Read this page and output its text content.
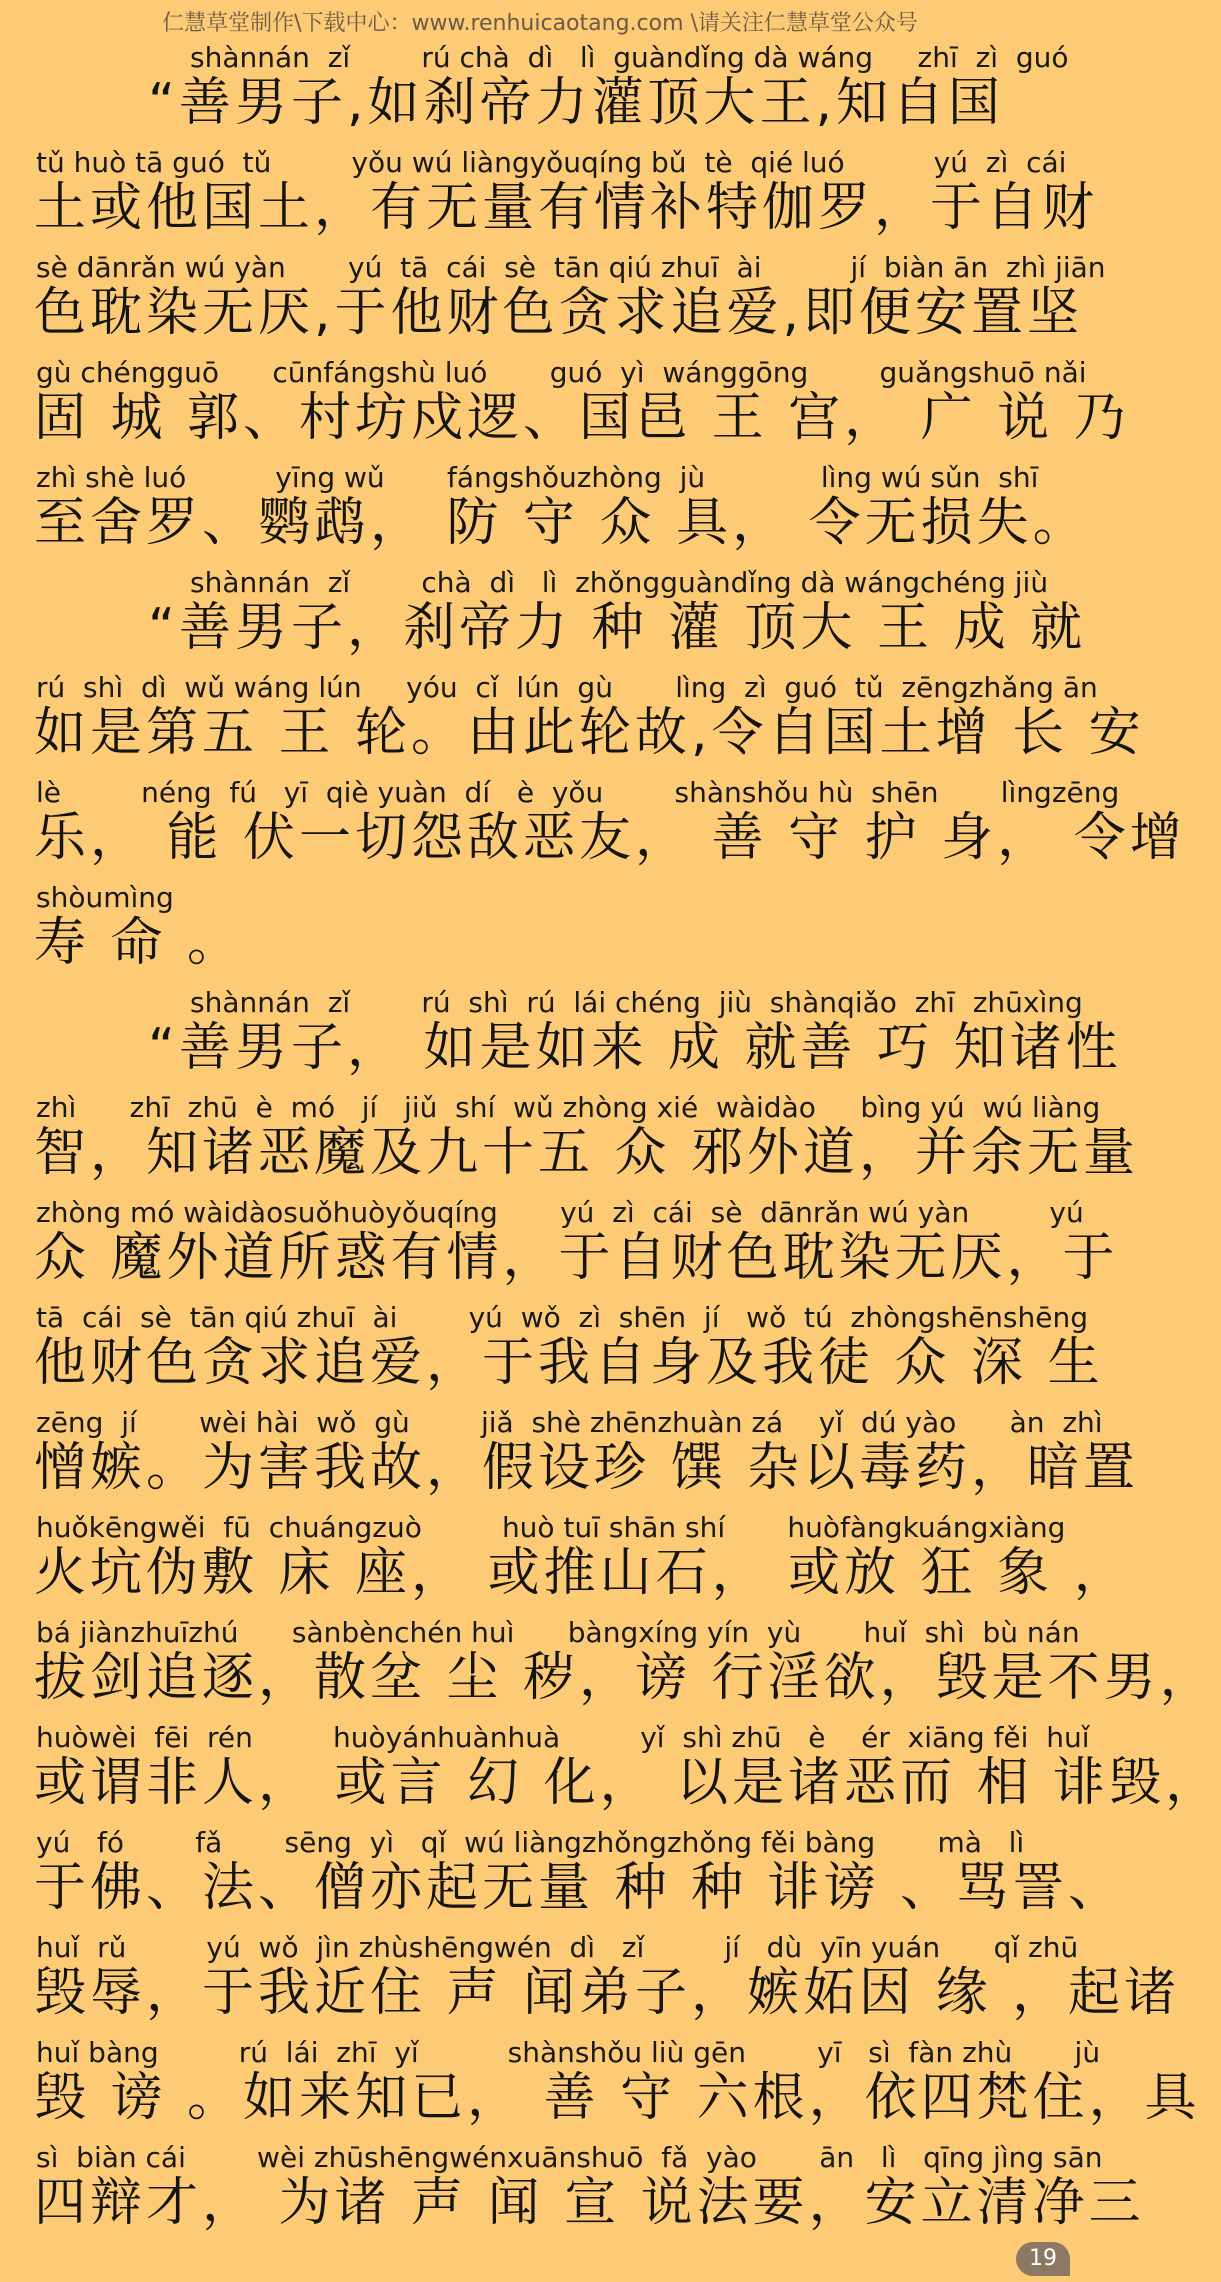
仁慧草堂制作\下载中心：www.renhuicaotang.com \请关注仁慧草堂公众号
shànnán  zǐ        rú chà  dì   lì  guàndǐng dà wáng     zhī  zì  guó
“善男子,如刹帝力灌顶大王,知自国
tǔ huò tā guó  tǔ         yǒu wú liàngyǒuqíng bǔ  tè  qié luó          yú  zì  cái
土或他国土，有无量有情补特伽罗，于自财
sè dānrǎn wú yàn       yú  tā  cái  sè  tān qiú zhuī  ài          jí  biàn ān  zhì jiān
色耽染无厌,于他财色贪求追爱,即便安置坚
gù chéngguō      cūnfángshù luó       guó  yì  wánggōng        guǎngshuō nǎi
固 城 郭、村坊戍逻、国邑 王 宫， 广 说 乃
zhì shè luó          yīng wǔ       fángshǒuzhòng  jù             lìng wú sǔn  shī
至舍罗、鹦鹉， 防 守 众 具， 令无损失。
shànnán  zǐ        chà  dì   lì  zhǒngguàndǐng dà wángchéng jiù
“善男子，刹帝力 种 灌 顶大 王 成 就
rú  shì  dì  wǔ wáng lún     yóu  cǐ  lún  gù       lìng  zì  guó  tǔ  zēngzhǎng ān
如是第五 王 轮。由此轮故,令自国土增 长 安
lè         néng  fú   yī  qiè yuàn  dí   è  yǒu        shànshǒu hù  shēn       lìngzēng
乐， 能 伏一切怨敌恶友， 善 守 护 身， 令增
shòumìng
寿 命 。
shànnán  zǐ        rú  shì  rú  lái chéng  jiù  shànqiǎo  zhī  zhūxìng
“善男子， 如是如来 成 就善 巧 知诸性
zhì      zhī  zhū  è  mó   jí   jiǔ  shí  wǔ zhòng xié  wàidào     bìng yú  wú liàng
智，知诸恶魔及九十五 众 邪外道，并余无量
zhòng mó wàidàosuǒhuòyǒuqíng       yú  zì  cái  sè  dānrǎn wú yàn         yú
众 魔外道所惑有情，于自财色耽染无厌，于
tā  cái  sè  tān qiú zhuī  ài        yú  wǒ  zì  shēn  jí   wǒ  tú  zhòngshēnshēng
他财色贪求追爱，于我自身及我徒 众 深 生
zēng  jí       wèi hài  wǒ  gù        jiǎ  shè zhēnzhuàn zá    yǐ  dú yào      àn  zhì
憎嫉。为害我故，假设珍 馔 杂以毒药，暗置
huǒkēngwěi  fū  chuángzuò         huò tuī shān shí       huòfàngkuángxiàng
火坑伪敷 床 座， 或推山石， 或放 狂 象 ，
bá jiànzhuīzhú      sànbènchén huì      bàngxíng yín  yù       huǐ  shì  bù nán
拔剑追逐，散坌 尘 秽，谤 行淫欲，毁是不男，
huòwèi  fēi  rén         huòyánhuànhuà         yǐ  shì zhū   è    ér  xiāng fěi  huǐ
或谓非人， 或言 幻 化， 以是诸恶而 相 诽毁，
yú   fó        fǎ       sēng  yì   qǐ  wú liàngzhǒngzhǒng fěi bàng       mà   lì
于佛、法、僧亦起无量 种 种 诽谤 、骂詈、
huǐ  rǔ         yú  wǒ  jìn zhùshēngwén  dì   zǐ         jí   dù  yīn yuán      qǐ zhū
毁辱，于我近住 声 闻弟子，嫉妬因 缘 ，起诸
huǐ bàng         rú  lái  zhī  yǐ          shànshǒu liù gēn        yī   sì  fàn zhù       jù
毁 谤 。如来知已， 善 守 六根，依四梵住，具
sì  biàn cái        wèi zhūshēngwénxuānshuō  fǎ  yào       ān   lì   qīng jìng sān
四辩才， 为诸 声 闻 宣 说法要，安立清净三
19
